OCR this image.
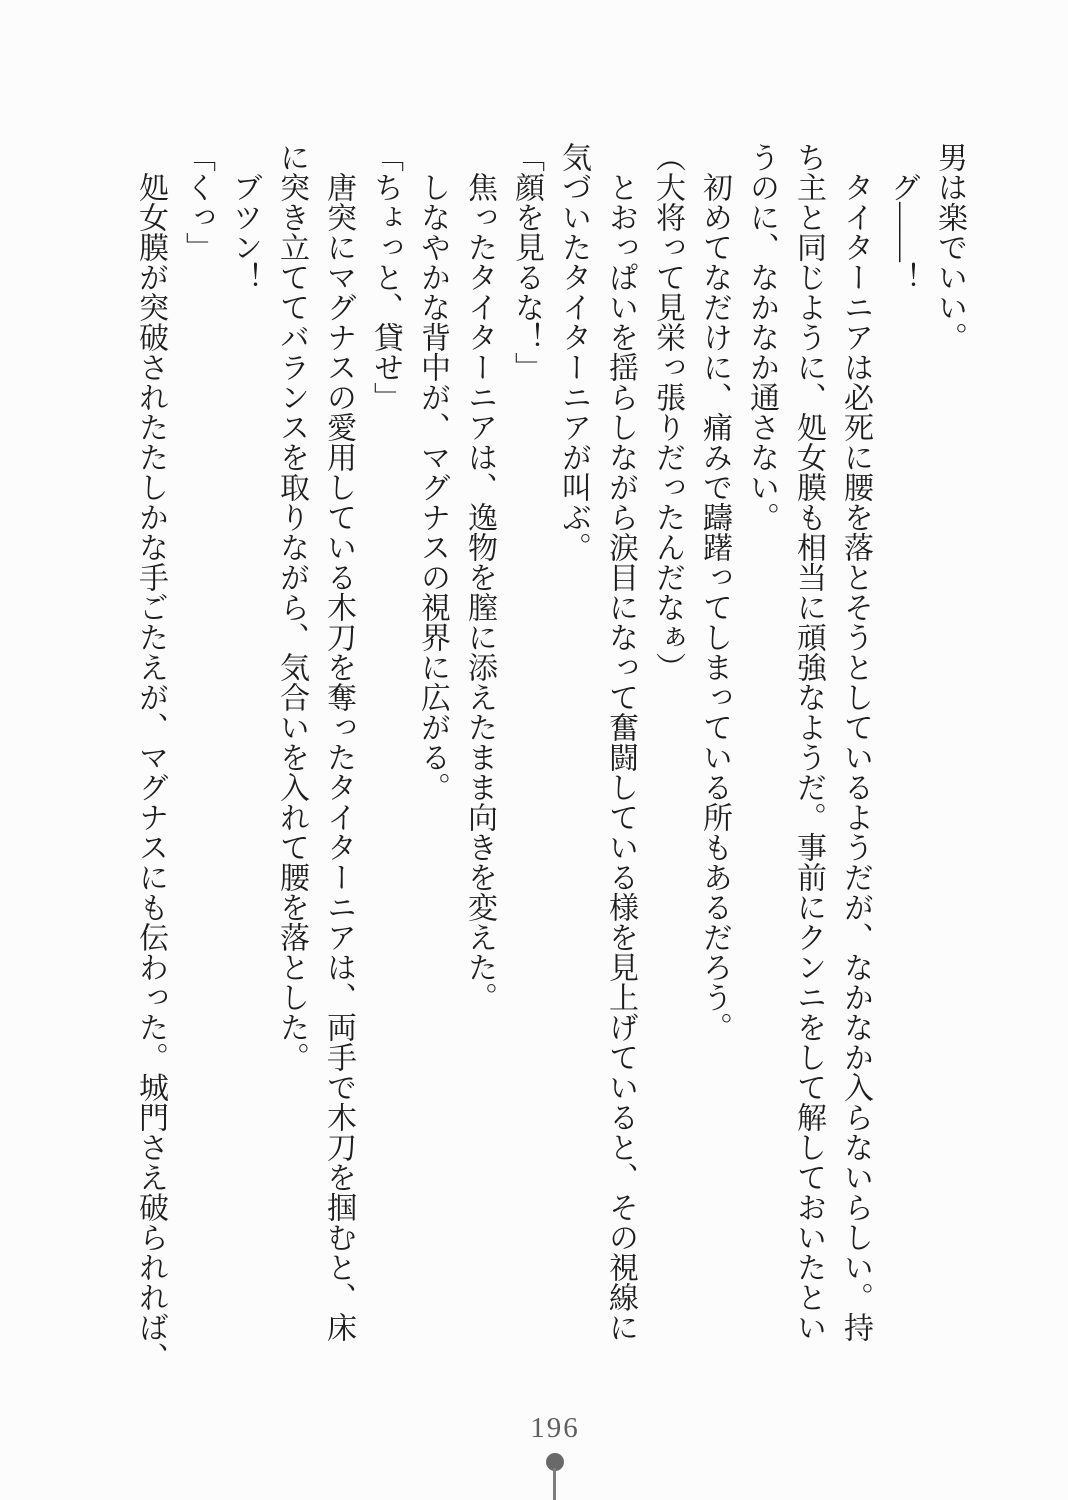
男は楽でいい。

グ――！

タイターニアは必死に腰を落とそうとしているようだが、なかなか入らないらしい。持

ち主と同じように、処女膜も相当に頑強なようだ。事前にクンニをして解しておいたとい

うのに、なかなか通さない。

初めてなだけに、痛みで躊躇ってしまっている所もあるだろう。

（大将って見栄っ張りだったんだなぁ）

とおっぱいを揺らしながら涙目になって奮闘している様を見上げていると、その視線に

気づいたタイターニアが叫ぶ。

「顔を見るな！」

焦ったタイターニアは、逸物を膣に添えたまま向きを変えた。

しなやかな背中が、マグナスの視界に広がる。

「ちょっと、貸せ」

唐突にマグナスの愛用している木刀を奪ったタイターニアは、両手で木刀を掴むと、床

に突き立ててバランスを取りながら、気合いを入れて腰を落とした。

ブツン！

「くっ」

処女膜が突破されたたしかな手ごたえが、マグナスにも伝わった。城門さえ破られれば、

196
